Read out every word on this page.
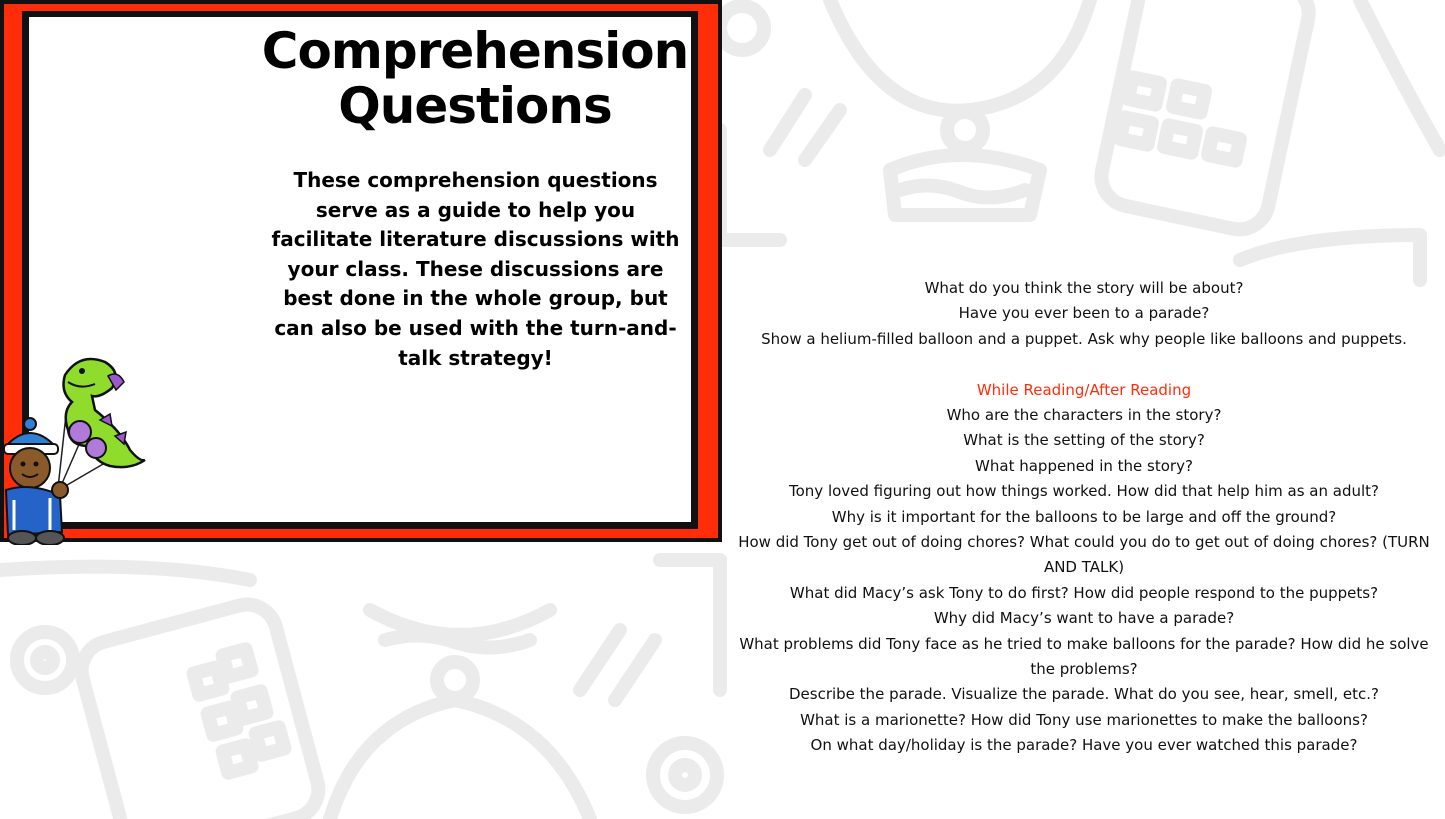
Comprehension
Questions
These comprehension questions serve as a guide to help you facilitate literature discussions with your class. These discussions are best done in the whole group, but can also be used with the turn-and-talk strategy!
What do you think the story will be about?
Have you ever been to a parade?
Show a helium-filled balloon and a puppet. Ask why people like balloons and puppets.
While Reading/After Reading
Who are the characters in the story?
What is the setting of the story?
What happened in the story?
Tony loved figuring out how things worked. How did that help him as an adult?
Why is it important for the balloons to be large and off the ground?
How did Tony get out of doing chores? What could you do to get out of doing chores? (TURN AND TALK)
What did Macy’s ask Tony to do first? How did people respond to the puppets?
Why did Macy’s want to have a parade?
What problems did Tony face as he tried to make balloons for the parade? How did he solve the problems?
Describe the parade. Visualize the parade. What do you see, hear, smell, etc.?
What is a marionette? How did Tony use marionettes to make the balloons?
On what day/holiday is the parade? Have you ever watched this parade?
